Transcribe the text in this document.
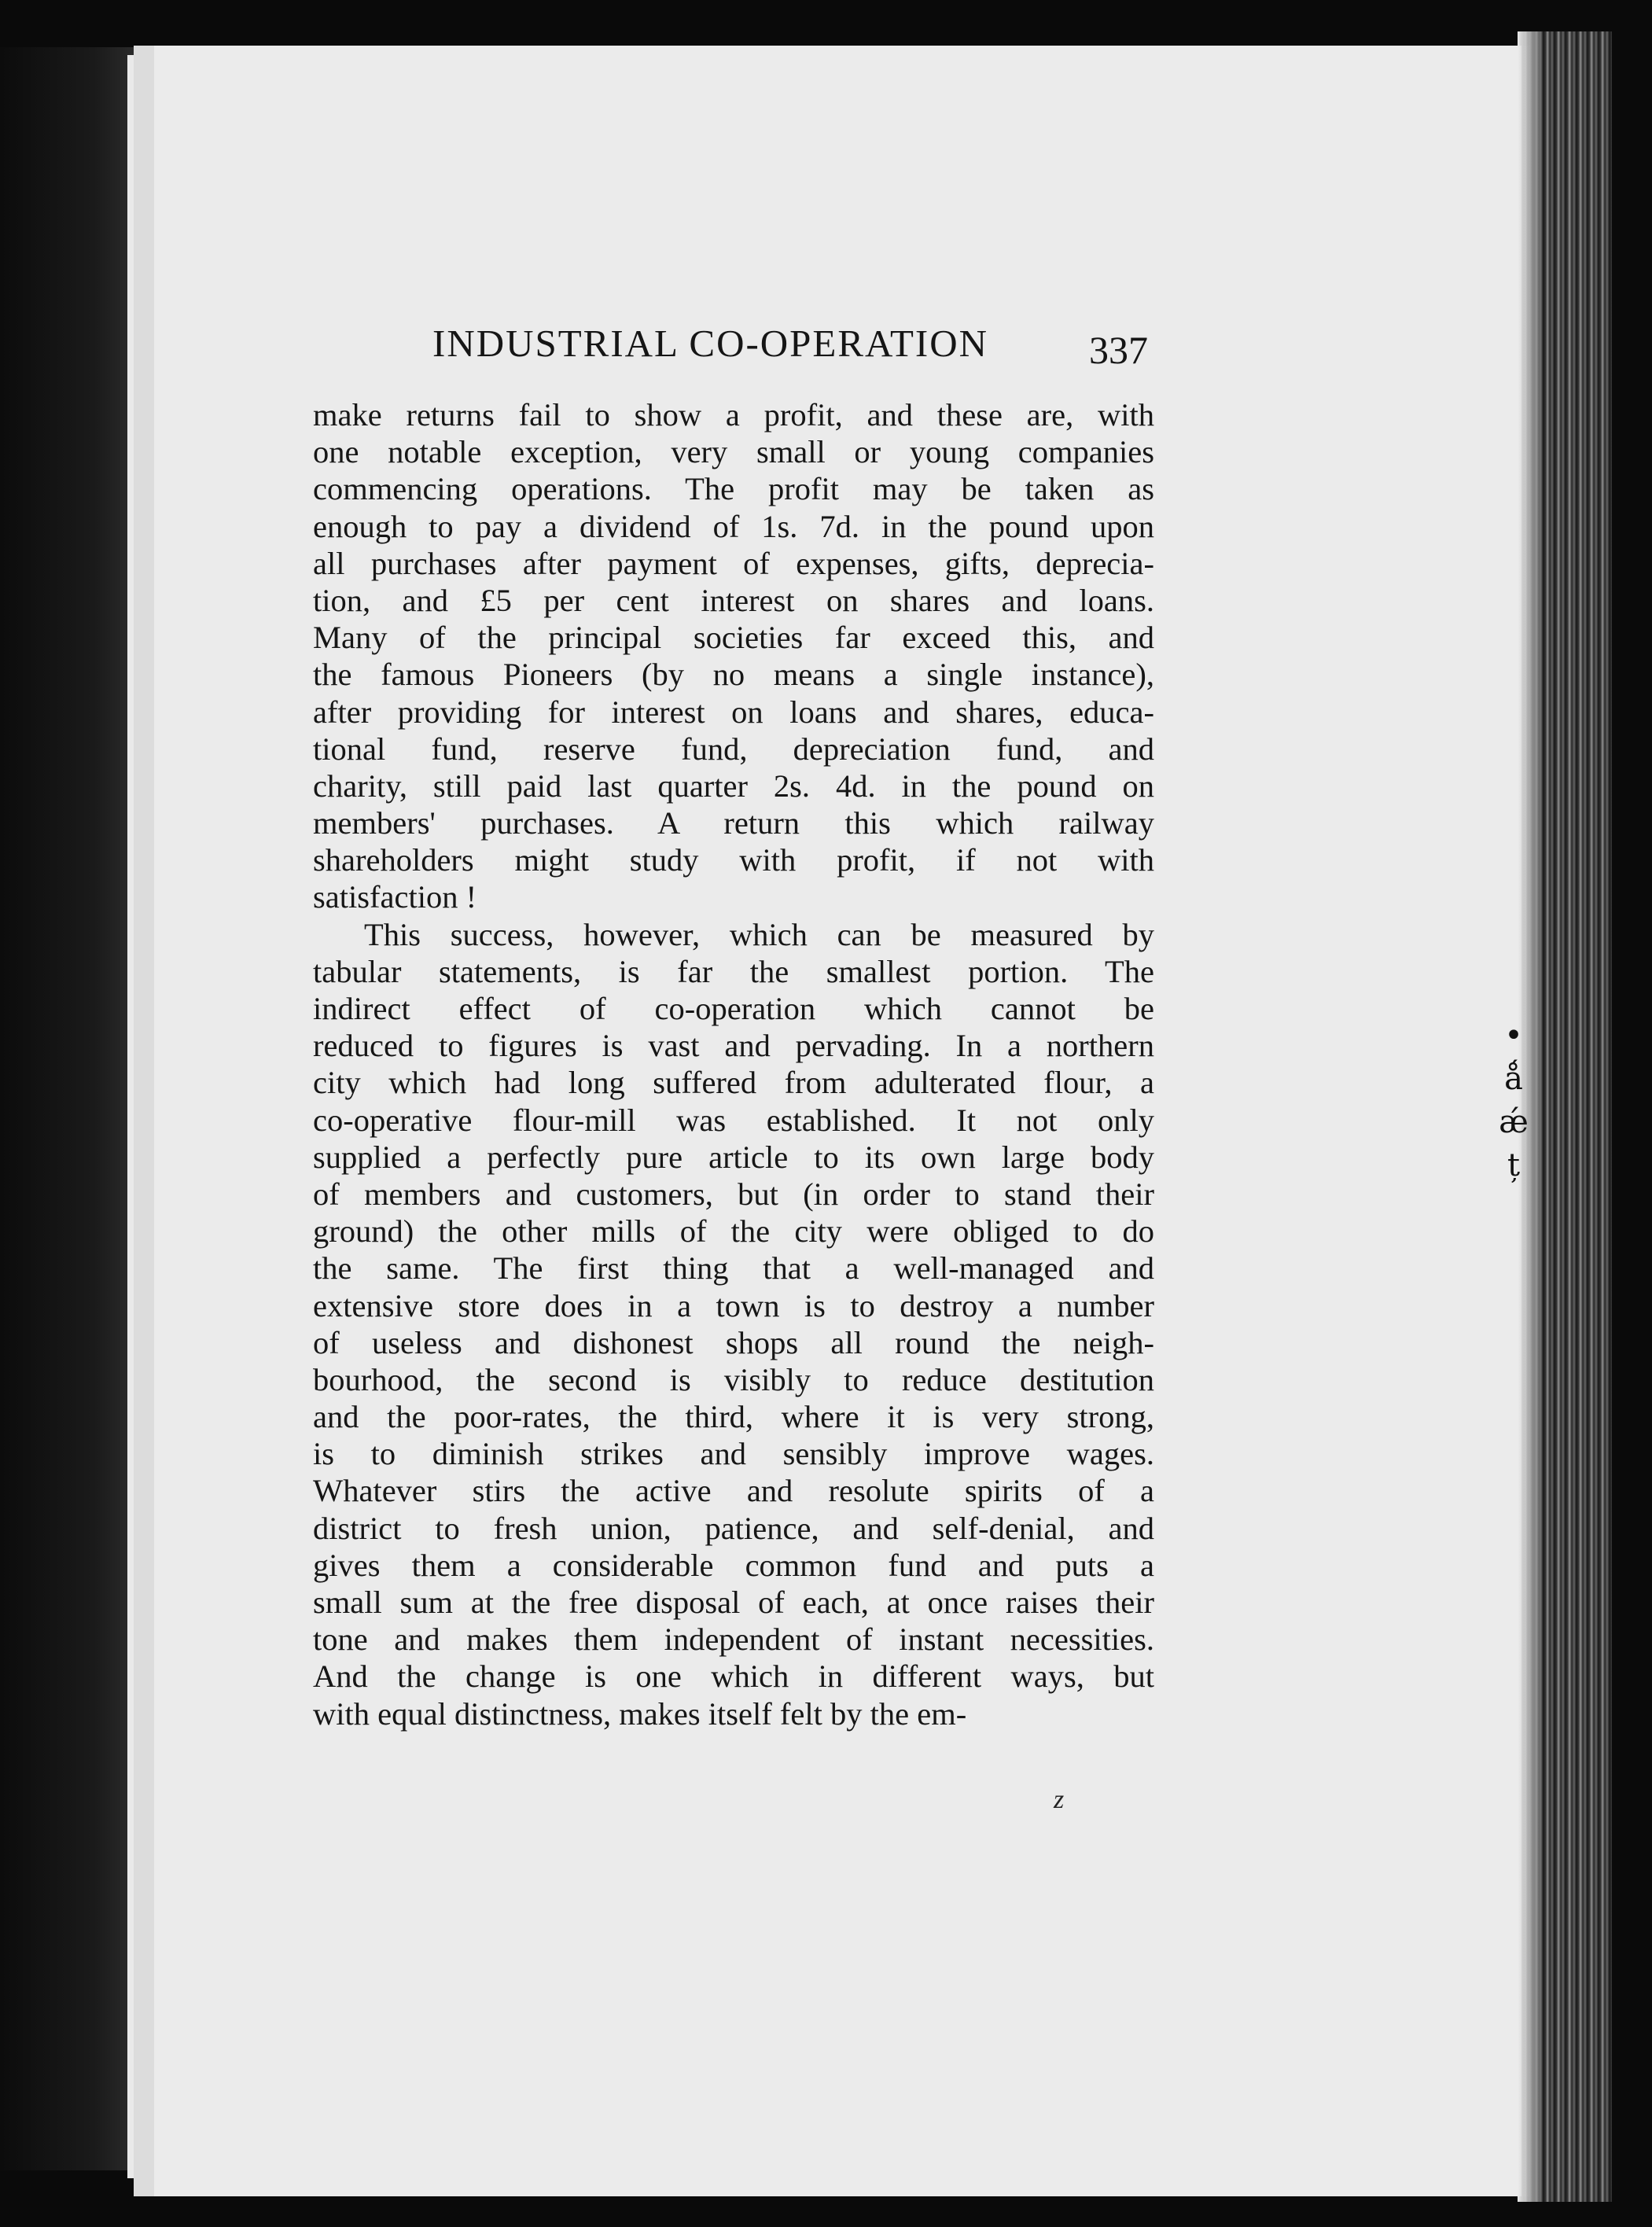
•
ǻ
ǽ
ț
INDUSTRIAL CO-OPERATION	337
make returns fail to show a profit, and these are, with
one notable exception, very small or young companies
commencing operations. The profit may be taken as
enough to pay a dividend of 1s. 7d. in the pound upon
all purchases after payment of expenses, gifts, deprecia-
tion, and £5 per cent interest on shares and loans.
Many of the principal societies far exceed this, and
the famous Pioneers (by no means a single instance),
after providing for interest on loans and shares, educa-
tional fund, reserve fund, depreciation fund, and
charity, still paid last quarter 2s. 4d. in the pound on
members' purchases. A return this which railway
shareholders might study with profit, if not with
satisfaction !
This success, however, which can be measured by
tabular statements, is far the smallest portion. The
indirect effect of co-operation which cannot be
reduced to figures is vast and pervading. In a northern
city which had long suffered from adulterated flour, a
co-operative flour-mill was established. It not only
supplied a perfectly pure article to its own large body
of members and customers, but (in order to stand their
ground) the other mills of the city were obliged to do
the same. The first thing that a well-managed and
extensive store does in a town is to destroy a number
of useless and dishonest shops all round the neigh-
bourhood, the second is visibly to reduce destitution
and the poor-rates, the third, where it is very strong,
is to diminish strikes and sensibly improve wages.
Whatever stirs the active and resolute spirits of a
district to fresh union, patience, and self-denial, and
gives them a considerable common fund and puts a
small sum at the free disposal of each, at once raises their
tone and makes them independent of instant necessities.
And the change is one which in different ways, but
with equal distinctness, makes itself felt by the em-
z
